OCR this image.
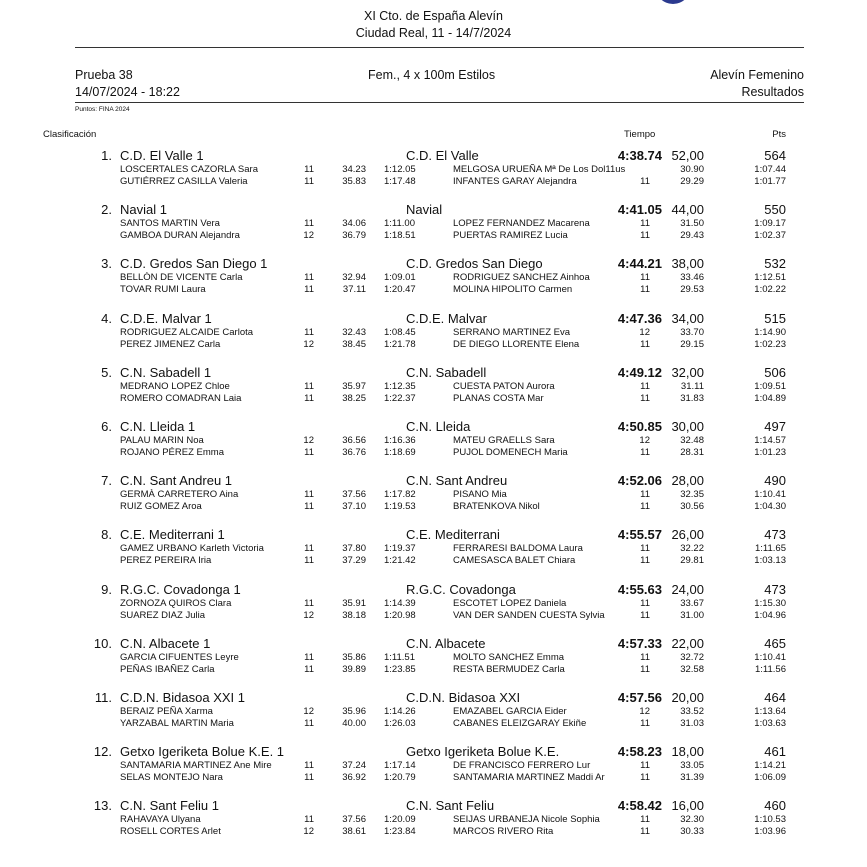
XI Cto. de España Alevín
Ciudad Real, 11 - 14/7/2024
Prueba 38
14/07/2024 - 18:22
Fem., 4 x 100m Estilos	Alevín Femenino
Resultados
Puntos: FINA 2024
Clasificación	Tiempo	Pts
1. C.D. El Valle 1	C.D. El Valle	4:38.74 52,00	564
LOSCERTALES CAZORLA Sara	11	34.23 1:12.05	MELGOSA URUEÑA Mª De Los Dol11us	30.90	1:07.44
GUTIÉRREZ CASILLA Valeria	11	35.83 1:17.48	INFANTES GARAY Alejandra	11	29.29	1:01.77
2. Navial 1	Navial	4:41.05 44,00	550
SANTOS MARTIN Vera	11	34.06 1:11.00	LOPEZ FERNANDEZ Macarena	11	31.50	1:09.17
GAMBOA DURAN Alejandra	12	36.79 1:18.51	PUERTAS RAMIREZ Lucia	11	29.43	1:02.37
3. C.D. Gredos San Diego 1	C.D. Gredos San Diego	4:44.21 38,00	532
BELLÓN DE VICENTE Carla	11	32.94 1:09.01	RODRIGUEZ SANCHEZ Ainhoa	11	33.46	1:12.51
TOVAR RUMI Laura	11	37.11 1:20.47	MOLINA HIPOLITO Carmen	11	29.53	1:02.22
4. C.D.E. Malvar 1	C.D.E. Malvar	4:47.36 34,00	515
RODRIGUEZ ALCAIDE Carlota	11	32.43 1:08.45	SERRANO MARTINEZ Eva	12	33.70	1:14.90
PEREZ JIMENEZ Carla	12	38.45 1:21.78	DE DIEGO LLORENTE Elena	11	29.15	1:02.23
5. C.N. Sabadell 1	C.N. Sabadell	4:49.12 32,00	506
MEDRANO LOPEZ Chloe	11	35.97 1:12.35	CUESTA PATON Aurora	11	31.11	1:09.51
ROMERO COMADRAN Laia	11	38.25 1:22.37	PLANAS COSTA Mar	11	31.83	1:04.89
6. C.N. Lleida 1	C.N. Lleida	4:50.85 30,00	497
PALAU MARIN Noa	12	36.56 1:16.36	MATEU GRAELLS Sara	12	32.48	1:14.57
ROJANO PÉREZ Emma	11	36.76 1:18.69	PUJOL DOMENECH Maria	11	28.31	1:01.23
7. C.N. Sant Andreu 1	C.N. Sant Andreu	4:52.06 28,00	490
GERMÀ CARRETERO Aina	11	37.56 1:17.82	PISANO Mia	11	32.35	1:10.41
RUIZ GOMEZ Aroa	11	37.10 1:19.53	BRATENKOVA Nikol	11	30.56	1:04.30
8. C.E. Mediterrani 1	C.E. Mediterrani	4:55.57 26,00	473
GAMEZ URBANO Karleth Victoria	11	37.80 1:19.37	FERRARESI BALDOMA Laura	11	32.22	1:11.65
PEREZ PEREIRA Iria	11	37.29 1:21.42	CAMESASCA BALET Chiara	11	29.81	1:03.13
9. R.G.C. Covadonga 1	R.G.C. Covadonga	4:55.63 24,00	473
ZORNOZA QUIROS Clara	11	35.91 1:14.39	ESCOTET LOPEZ Daniela	11	33.67	1:15.30
SUAREZ DIAZ Julia	12	38.18 1:20.98	VAN DER SANDEN CUESTA Sylvia	11	31.00	1:04.96
10. C.N. Albacete 1	C.N. Albacete	4:57.33 22,00	465
GARCIA CIFUENTES Leyre	11	35.86 1:11.51	MOLTO SANCHEZ Emma	11	32.72	1:10.41
PEÑAS IBAÑEZ Carla	11	39.89 1:23.85	RESTA BERMUDEZ Carla	11	32.58	1:11.56
11. C.D.N. Bidasoa XXI 1	C.D.N. Bidasoa XXI	4:57.56 20,00	464
BERAIZ PEÑA Xarma	12	35.96 1:14.26	EMAZABEL GARCIA Eider	12	33.52	1:13.64
YARZABAL MARTIN Maria	11	40.00 1:26.03	CABANES ELEIZGARAY Ekiñe	11	31.03	1:03.63
12. Getxo Igeriketa Bolue K.E. 1	Getxo Igeriketa Bolue K.E.	4:58.23 18,00	461
SANTAMARIA MARTINEZ Ane Mire	11	37.24 1:17.14	DE FRANCISCO FERRERO Lur	11	33.05	1:14.21
SELAS MONTEJO Nara	11	36.92 1:20.79	SANTAMARIA MARTINEZ Maddi Ar	11	31.39	1:06.09
13. C.N. Sant Feliu 1	C.N. Sant Feliu	4:58.42 16,00	460
RAHAVAYA Ulyana	11	37.56 1:20.09	SEIJAS URBANEJA Nicole Sophia	11	32.30	1:10.53
ROSELL CORTES Arlet	12	38.61 1:23.84	MARCOS RIVERO Rita	11	30.33	1:03.96
